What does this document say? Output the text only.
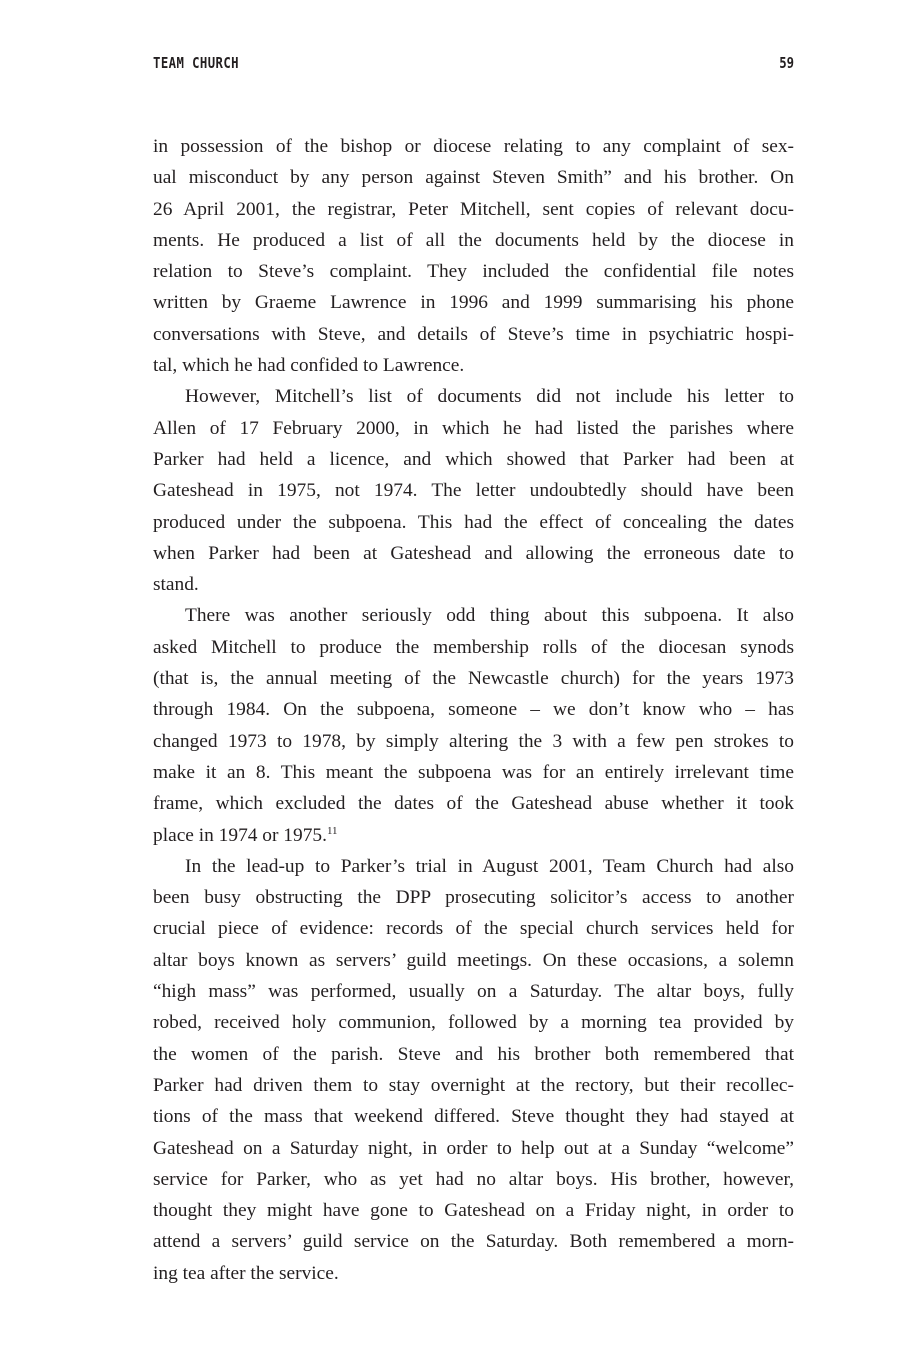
TEAM CHURCH	59
in possession of the bishop or diocese relating to any complaint of sex-
ual misconduct by any person against Steven Smith” and his brother. On
26 April 2001, the registrar, Peter Mitchell, sent copies of relevant docu-
ments. He produced a list of all the documents held by the diocese in
relation to Steve’s complaint. They included the confidential file notes
written by Graeme Lawrence in 1996 and 1999 summarising his phone
conversations with Steve, and details of Steve’s time in psychiatric hospi-
tal, which he had confided to Lawrence.
However, Mitchell’s list of documents did not include his letter to
Allen of 17 February 2000, in which he had listed the parishes where
Parker had held a licence, and which showed that Parker had been at
Gateshead in 1975, not 1974. The letter undoubtedly should have been
produced under the subpoena. This had the effect of concealing the dates
when Parker had been at Gateshead and allowing the erroneous date to
stand.
There was another seriously odd thing about this subpoena. It also
asked Mitchell to produce the membership rolls of the diocesan synods
(that is, the annual meeting of the Newcastle church) for the years 1973
through 1984. On the subpoena, someone – we don’t know who – has
changed 1973 to 1978, by simply altering the 3 with a few pen strokes to
make it an 8. This meant the subpoena was for an entirely irrelevant time
frame, which excluded the dates of the Gateshead abuse whether it took
place in 1974 or 1975.11
In the lead-up to Parker’s trial in August 2001, Team Church had also
been busy obstructing the DPP prosecuting solicitor’s access to another
crucial piece of evidence: records of the special church services held for
altar boys known as servers’ guild meetings. On these occasions, a solemn
“high mass” was performed, usually on a Saturday. The altar boys, fully
robed, received holy communion, followed by a morning tea provided by
the women of the parish. Steve and his brother both remembered that
Parker had driven them to stay overnight at the rectory, but their recollec-
tions of the mass that weekend differed. Steve thought they had stayed at
Gateshead on a Saturday night, in order to help out at a Sunday “welcome”
service for Parker, who as yet had no altar boys. His brother, however,
thought they might have gone to Gateshead on a Friday night, in order to
attend a servers’ guild service on the Saturday. Both remembered a morn-
ing tea after the service.
